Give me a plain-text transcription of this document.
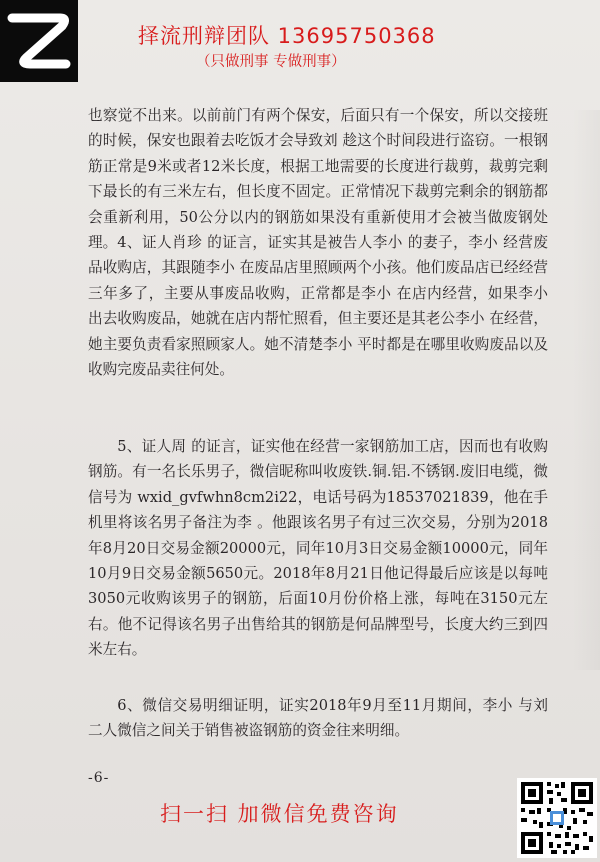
择流刑辩团队 13695750368
（只做刑事 专做刑事）

也察觉不出来。以前前门有两个保安，后面只有一个保安，所以交接班的时候，保安也跟着去吃饭才会导致刘 趁这个时间段进行盗窃。一根钢筋正常是9米或者12米长度，根据工地需要的长度进行裁剪，裁剪完剩下最长的有三米左右，但长度不固定。正常情况下裁剪完剩余的钢筋都会重新利用，50公分以内的钢筋如果没有重新使用才会被当做废钢处理。 4、证人肖珍 的证言，证实其是被告人李小 的妻子，李小 经营废品收购店，其跟随李小 在废品店里照顾两个小孩。他们废品店已经经营三年多了，主要从事废品收购，正常都是李小 在店内经营，如果李小 出去收购废品，她就在店内帮忙照看，但主要还是其老公李小 在经营，她主要负责看家照顾家人。她不清楚李小 平时都是在哪里收购废品以及收购完废品卖往何处。

5、证人周 的证言，证实他在经营一家钢筋加工店，因而也有收购钢筋。有一名长乐男子，微信昵称叫收废铁.铜.铝.不锈钢.废旧电缆，微信号为 wxid_gvfwhn8cm2i22，电话号码为18537021839，他在手机里将该名男子备注为李 。他跟该名男子有过三次交易，分别为2018年8月20日交易金额20000元，同年10月3日交易金额10000元，同年10月9日交易金额5650元。2018年8月21日他记得最后应该是以每吨3050元收购该男子的钢筋，后面10月份价格上涨，每吨在3150元左右。他不记得该名男子出售给其的钢筋是何品牌型号，长度大约三到四米左右。

6、微信交易明细证明，证实2018年9月至11月期间，李小 与刘 二人微信之间关于销售被盗钢筋的资金往来明细。

-6-
扫一扫 加微信免费咨询
